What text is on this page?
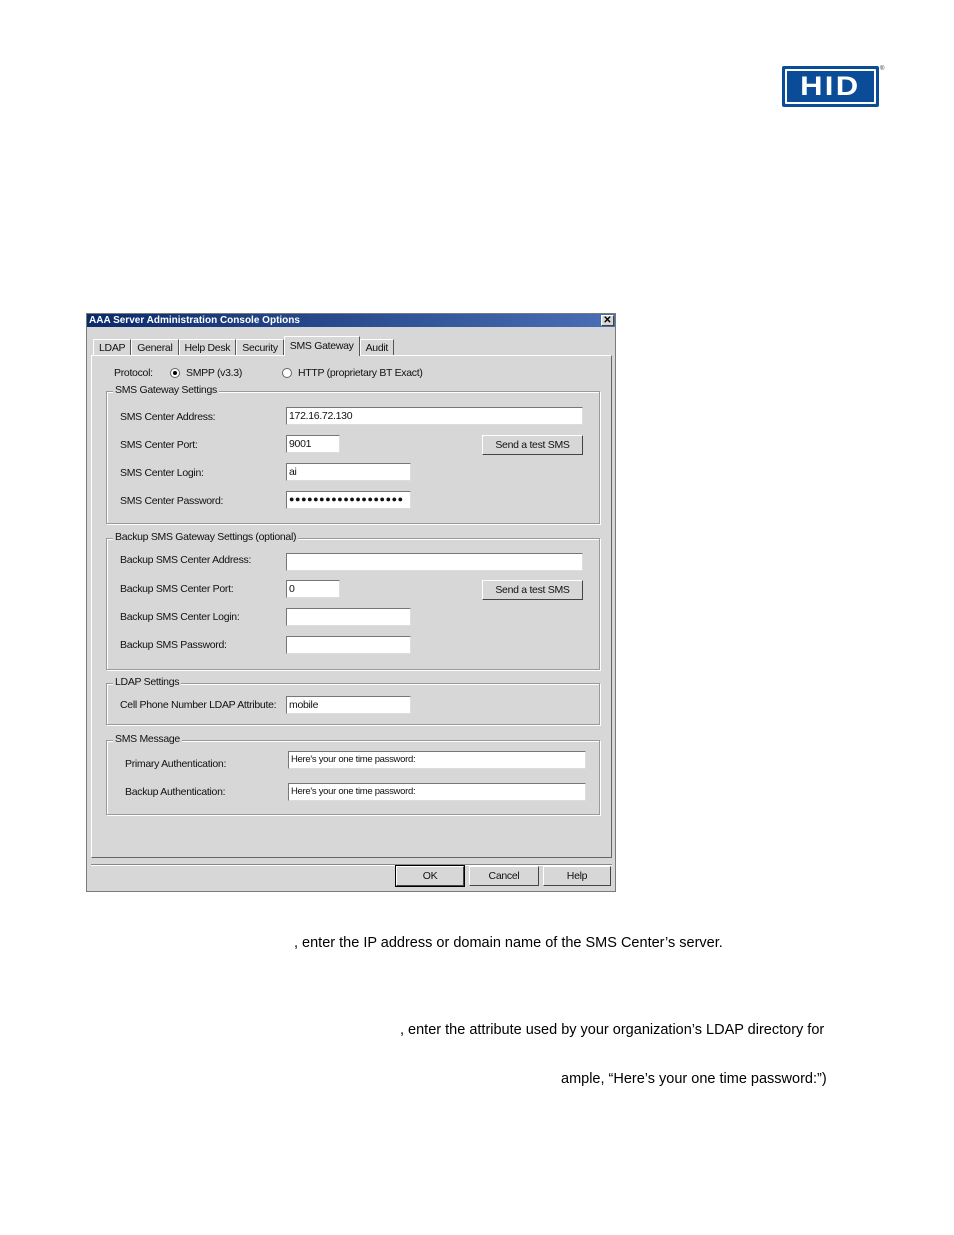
HID
®
AAA Server Administration Console Options	✕
LDAP	General	Help Desk	Security	SMS Gateway	Audit
Protocol:	SMPP (v3.3)	HTTP (proprietary BT Exact)
SMS Gateway Settings
SMS Center Address:	172.16.72.130
SMS Center Port:	9001	Send a test SMS
SMS Center Login:	ai
SMS Center Password:	●●●●●●●●●●●●●●●●●●●
Backup SMS Gateway Settings (optional)
Backup SMS Center Address:
Backup SMS Center Port:	0	Send a test SMS
Backup SMS Center Login:
Backup SMS Password:
LDAP Settings
Cell Phone Number LDAP Attribute: mobile
SMS Message
Primary Authentication:	Here's your one time password:
Backup Authentication:	Here's your one time password:
OK	Cancel	Help
, enter the IP address or domain name of the SMS Center’s server.
, enter the attribute used by your organization’s LDAP directory for
ample, “Here’s your one time password:”)
